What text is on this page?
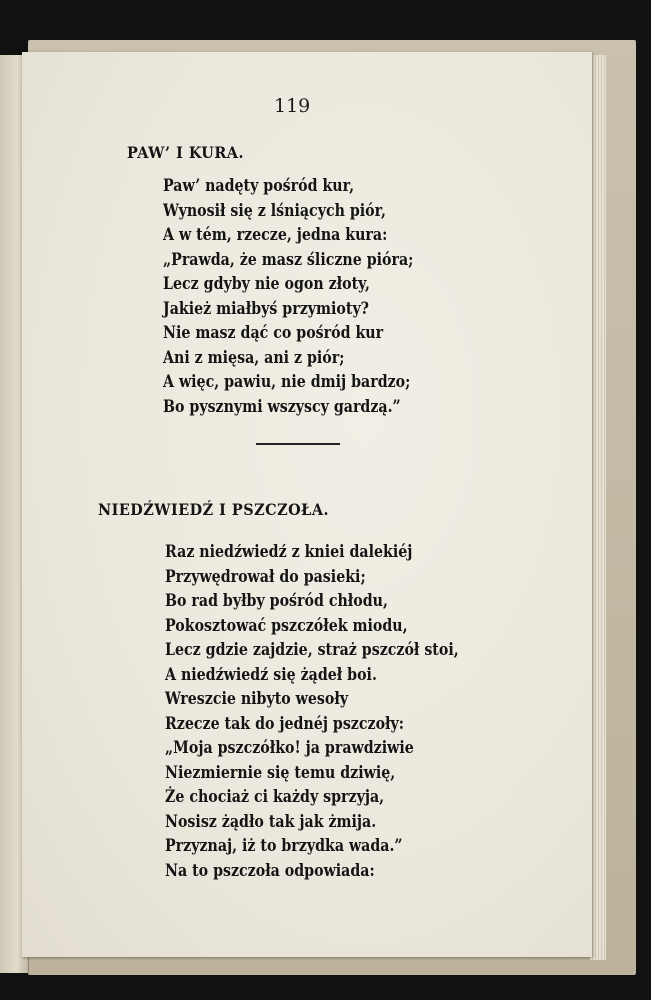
119
PAW’ I KURA.
Paw’ nadęty pośród kur,
Wynosił się z lśniących piór,
A w tém, rzecze, jedna kura:
„Prawda, że masz śliczne pióra;
Lecz gdyby nie ogon złoty,
Jakież miałbyś przymioty?
Nie masz dąć co pośród kur
Ani z mięsa, ani z piór;
A więc, pawiu, nie dmij bardzo;
Bo pysznymi wszyscy gardzą.”
NIEDŹWIEDŹ I PSZCZOŁA.
Raz niedźwiedź z kniei dalekiéj
Przywędrował do pasieki;
Bo rad byłby pośród chłodu,
Pokosztować pszczółek miodu,
Lecz gdzie zajdzie, straż pszczół stoi,
A niedźwiedź się żądeł boi.
Wreszcie nibyto wesoły
Rzecze tak do jednéj pszczoły:
„Moja pszczółko! ja prawdziwie
Niezmiernie się temu dziwię,
Że chociaż ci każdy sprzyja,
Nosisz żądło tak jak żmija.
Przyznaj, iż to brzydka wada.”
Na to pszczoła odpowiada:
